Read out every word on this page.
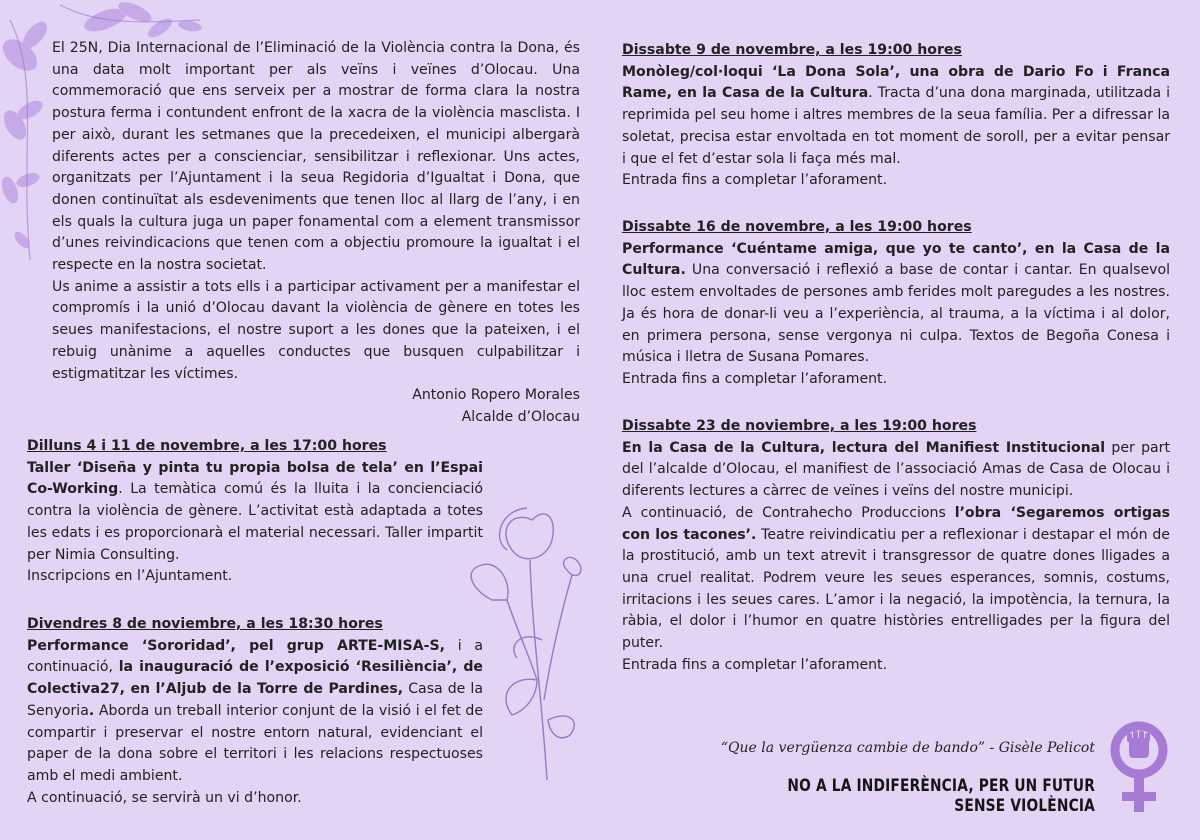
El 25N, Dia Internacional de l’Eliminació de la Violència contra la Dona, és una data molt important per als veïns i veïnes d’Olocau. Una commemoració que ens serveix per a mostrar de forma clara la nostra postura ferma i contundent enfront de la xacra de la violència masclista. I per això, durant les setmanes que la precedeixen, el municipi albergarà diferents actes per a conscienciar, sensibilitzar i reflexionar. Uns actes, organitzats per l’Ajuntament i la seua Regidoria d’Igualtat i Dona, que donen continuïtat als esdeveniments que tenen lloc al llarg de l’any, i en els quals la cultura juga un paper fonamental com a element transmissor d’unes reivindicacions que tenen com a objectiu promoure la igualtat i el respecte en la nostra societat.

Us anime a assistir a tots ells i a participar activament per a manifestar el compromís i la unió d’Olocau davant la violència de gènere en totes les seues manifestacions, el nostre suport a les dones que la pateixen, i el rebuig unànime a aquelles conductes que busquen culpabilitzar i estigmatitzar les víctimes.

Antonio Ropero Morales
Alcalde d’Olocau
Dilluns 4 i 11 de novembre, a les 17:00 hores

Taller ‘Diseña y pinta tu propia bolsa de tela’ en l’Espai Co-Working. La temàtica comú és la lluita i la concienciació contra la violència de gènere. L’activitat està adaptada a totes les edats i es proporcionarà el material necessari. Taller impartit per Nimia Consulting.

Inscripcions en l’Ajuntament.

Divendres 8 de noviembre, a les 18:30 hores

Performance ‘Sororidad’, pel grup ARTE-MISA-S, i a continuació, la inauguració de l’exposició ‘Resiliència’, de Colectiva27, en l’Aljub de la Torre de Pardines, Casa de la Senyoria. Aborda un treball interior conjunt de la visió i el fet de compartir i preservar el nostre entorn natural, evidenciant el paper de la dona sobre el territori i les relacions respectuoses amb el medi ambient.

A continuació, se servirà un vi d’honor.

Dissabte 9 de novembre, a les 19:00 hores

Monòleg/col·loqui ‘La Dona Sola’, una obra de Dario Fo i Franca Rame, en la Casa de la Cultura. Tracta d’una dona marginada, utilitzada i reprimida pel seu home i altres membres de la seua família. Per a difressar la soletat, precisa estar envoltada en tot moment de soroll, per a evitar pensar i que el fet d’estar sola li faça més mal.

Entrada fins a completar l’aforament.

Dissabte 16 de novembre, a les 19:00 hores

Performance ‘Cuéntame amiga, que yo te canto’, en la Casa de la Cultura. Una conversació i reflexió a base de contar i cantar. En qualsevol lloc estem envoltades de persones amb ferides molt paregudes a les nostres. Ja és hora de donar-li veu a l’experiència, al trauma, a la víctima i al dolor, en primera persona, sense vergonya ni culpa. Textos de Begoña Conesa i música i lletra de Susana Pomares.

Entrada fins a completar l’aforament.

Dissabte 23 de noviembre, a les 19:00 hores

En la Casa de la Cultura, lectura del Manifiest Institucional per part del l’alcalde d’Olocau, el manifiest de l’associació Amas de Casa de Olocau i diferents lectures a càrrec de veïnes i veïns del nostre municipi.

A continuació, de Contrahecho Produccions l’obra ‘Segaremos ortigas con los tacones’. Teatre reivindicatiu per a reflexionar i destapar el món de la prostitució, amb un text atrevit i transgressor de quatre dones lligades a una cruel realitat. Podrem veure les seues esperances, somnis, costums, irritacions i les seues cares. L’amor i la negació, la impotència, la ternura, la ràbia, el dolor i l’humor en quatre històries entrelligades per la figura del puter.

Entrada fins a completar l’aforament.

“Que la vergüenza cambie de bando” - Gisèle Pelicot
NO A LA INDIFERÈNCIA, PER UN FUTUR SENSE VIOLÈNCIA
